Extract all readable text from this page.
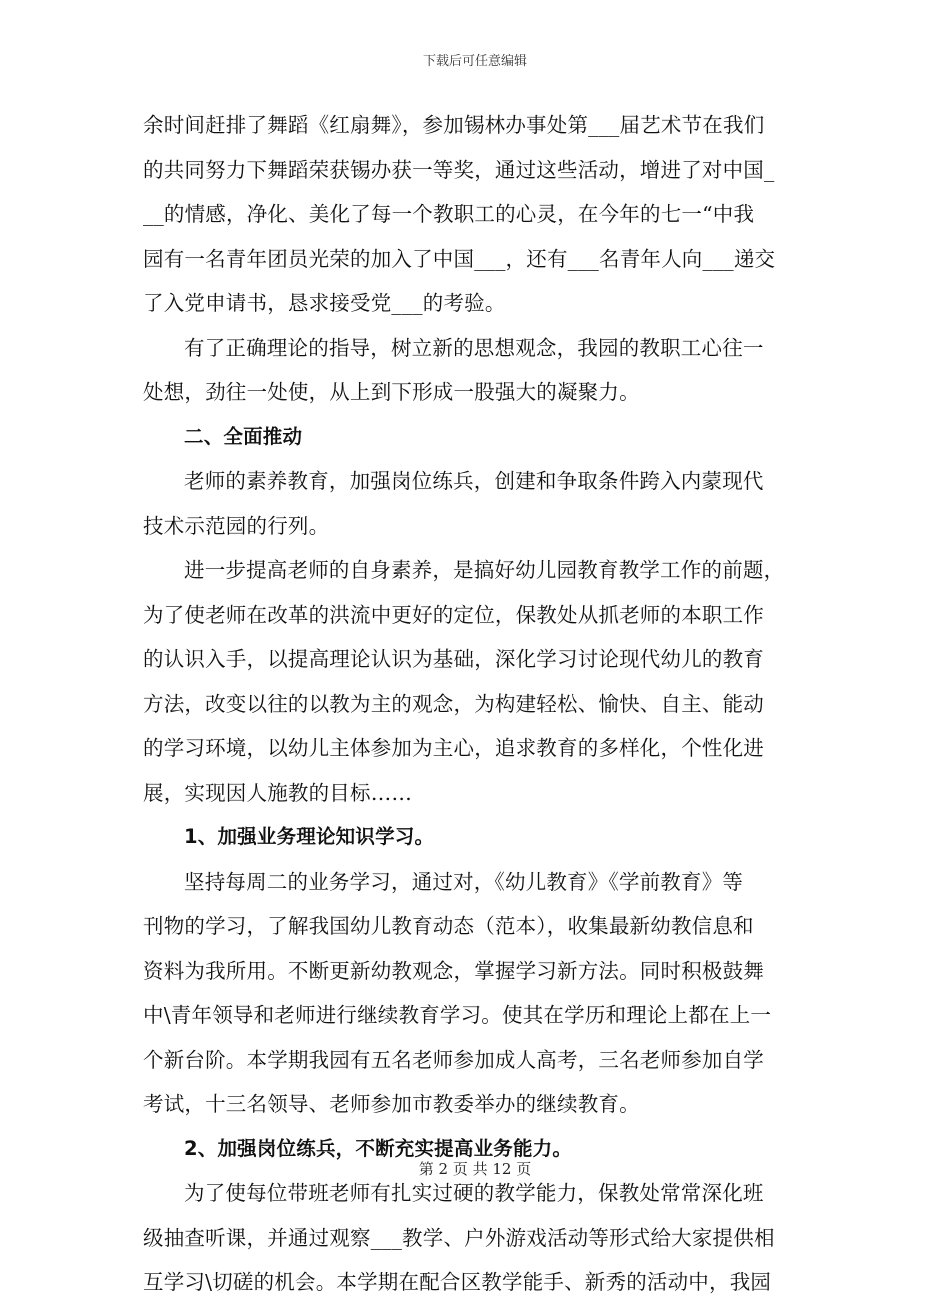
下载后可任意编辑
余时间赶排了舞蹈《红扇舞》，参加锡林办事处第___届艺术节在我们
的共同努力下舞蹈荣获锡办获一等奖，通过这些活动，增进了对中国_
__的情感，净化、美化了每一个教职工的心灵，在今年的七一“中我
园有一名青年团员光荣的加入了中国___，还有___名青年人向___递交
了入党申请书，恳求接受党___的考验。
有了正确理论的指导，树立新的思想观念，我园的教职工心往一
处想，劲往一处使，从上到下形成一股强大的凝聚力。
二、全面推动
老师的素养教育，加强岗位练兵，创建和争取条件跨入内蒙现代
技术示范园的行列。
进一步提高老师的自身素养，是搞好幼儿园教育教学工作的前题，
为了使老师在改革的洪流中更好的定位，保教处从抓老师的本职工作
的认识入手，以提高理论认识为基础，深化学习讨论现代幼儿的教育
方法，改变以往的以教为主的观念，为构建轻松、愉快、自主、能动
的学习环境，以幼儿主体参加为主心，追求教育的多样化，个性化进
展，实现因人施教的目标……
1、加强业务理论知识学习。
坚持每周二的业务学习，通过对，《幼儿教育》《学前教育》等
刊物的学习，了解我国幼儿教育动态（范本），收集最新幼教信息和
资料为我所用。不断更新幼教观念，掌握学习新方法。同时积极鼓舞
中\青年领导和老师进行继续教育学习。使其在学历和理论上都在上一
个新台阶。本学期我园有五名老师参加成人高考，三名老师参加自学
考试，十三名领导、老师参加市教委举办的继续教育。
2、加强岗位练兵，不断充实提高业务能力。
为了使每位带班老师有扎实过硬的教学能力，保教处常常深化班
级抽查听课，并通过观察___教学、户外游戏活动等形式给大家提供相
互学习\切磋的机会。本学期在配合区教学能手、新秀的活动中，我园
第 2 页 共 12 页
